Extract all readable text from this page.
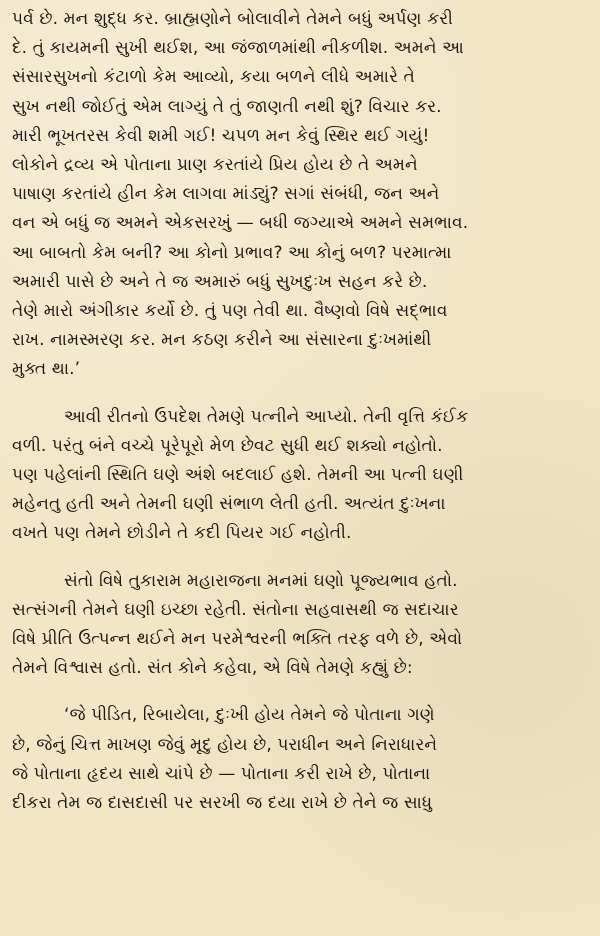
પર્વ છે. મન શુદ્ધ કર. બ્રાહ્મણોને બોલાવીને તેમને બધું અર્પણ કરી
દે. તું કાયમની સુખી થઈશ, આ જંજાળમાંથી નીકળીશ. અમને આ
સંસારસુખનો કંટાળો કેમ આવ્યો, કયા બળને લીધે અમારે તે
સુખ નથી જોઈતું એમ લાગ્યું તે તું જાણતી નથી શું? વિચાર કર.
મારી ભૂખતરસ કેવી શમી ગઈ! ચપળ મન કેવું સ્થિર થઈ ગયું!
લોકોને દ્રવ્ય એ પોતાના પ્રાણ કરતાંયે પ્રિય હોય છે તે અમને
પાષાણ કરતાંયે હીન કેમ લાગવા માંડ્યું? સગાં સંબંધી, જન અને
વન એ બધું જ અમને એકસરખું — બધી જગ્યાએ અમને સમભાવ.
આ બાબતો કેમ બની? આ કોનો પ્રભાવ? આ કોનું બળ? પરમાત્મા
અમારી પાસે છે અને તે જ અમારું બધું સુખદુઃખ સહન કરે છે.
તેણે મારો અંગીકાર કર્યો છે. તું પણ તેવી થા. વૈષ્ણવો વિષે સદ્ભાવ
રાખ. નામસ્મરણ કર. મન કઠણ કરીને આ સંસારના દુઃખમાંથી
મુક્ત થા.’
આવી રીતનો ઉપદેશ તેમણે પત્નીને આપ્યો. તેની વૃત્તિ કંઈક
વળી. પરંતુ બંને વચ્ચે પૂરેપૂરો મેળ છેવટ સુધી થઈ શક્યો નહોતો.
પણ પહેલાંની સ્થિતિ ઘણે અંશે બદલાઈ હશે. તેમની આ પત્ની ઘણી
મહેનતુ હતી અને તેમની ઘણી સંભાળ લેતી હતી. અત્યંત દુઃખના
વખતે પણ તેમને છોડીને તે કદી પિયર ગઈ નહોતી.
સંતો વિષે તુકારામ મહારાજના મનમાં ઘણો પૂજ્યભાવ હતો.
સત્સંગની તેમને ઘણી ઇચ્છા રહેતી. સંતોના સહવાસથી જ સદાચાર
વિષે પ્રીતિ ઉત્પન્ન થઈને મન પરમેશ્વરની ભક્તિ તરફ વળે છે, એવો
તેમને વિશ્વાસ હતો. સંત કોને કહેવા, એ વિષે તેમણે કહ્યું છે:
‘જે પીડિત, રિબાયેલા, દુઃખી હોય તેમને જે પોતાના ગણે
છે, જેનું ચિત્ત માખણ જેવું મૃદુ હોય છે, પરાધીન અને નિરાધારને
જે પોતાના હૃદય સાથે ચાંપે છે — પોતાના કરી રાખે છે, પોતાના
દીકરા તેમ જ દાસદાસી પર સરખી જ દયા રાખે છે તેને જ સાધુ
